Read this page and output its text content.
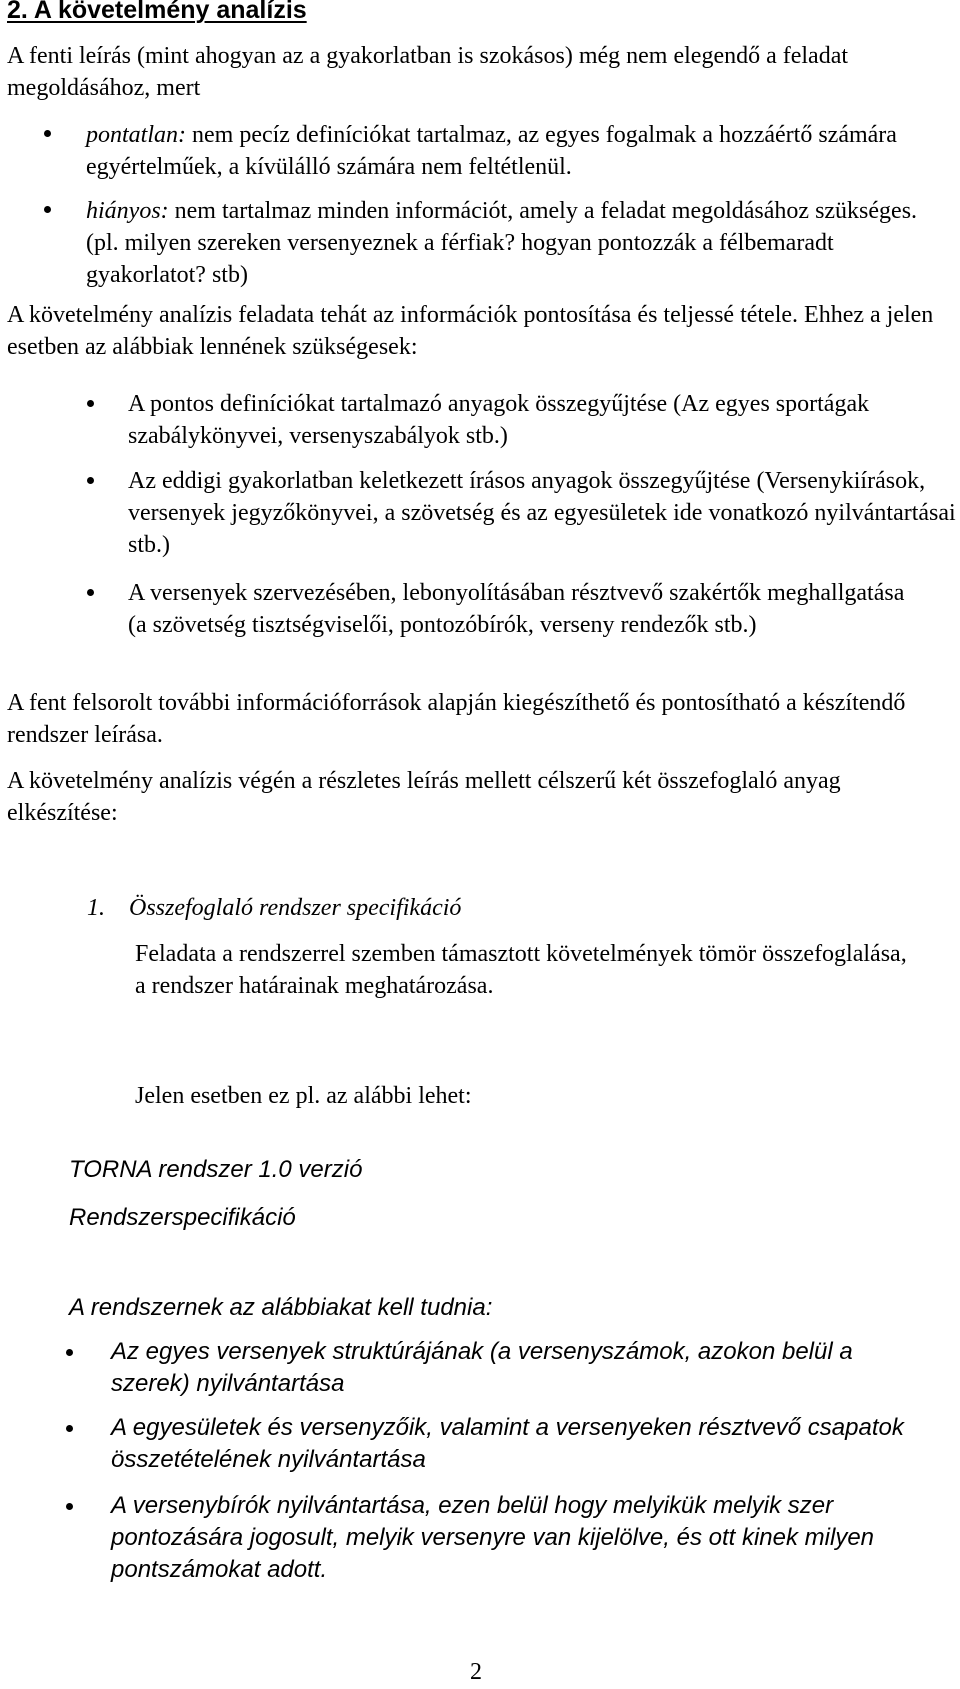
2. A követelmény analízis
A fenti leírás (mint ahogyan az a gyakorlatban is szokásos) még nem elegendő a feladat megoldásához, mert
pontatlan: nem pecíz definíciókat tartalmaz, az egyes fogalmak a hozzáértő számára egyértelműek, a kívülálló számára nem feltétlenül.
hiányos: nem tartalmaz minden információt, amely a feladat megoldásához szükséges. (pl. milyen szereken versenyeznek a férfiak? hogyan pontozzák a félbemaradt gyakorlatot? stb)
A követelmény analízis feladata tehát az információk pontosítása és teljessé tétele. Ehhez a jelen esetben az alábbiak lennének szükségesek:
A pontos definíciókat tartalmazó anyagok összegyűjtése (Az egyes sportágak szabálykönyvei, versenyszabályok stb.)
Az eddigi gyakorlatban keletkezett írásos anyagok összegyűjtése (Versenykiírások, versenyek jegyzőkönyvei, a szövetség és az egyesületek ide vonatkozó nyilvántartásai stb.)
A versenyek szervezésében, lebonyolításában résztvevő szakértők meghallgatása (a szövetség tisztségviselői, pontozóbírók, verseny rendezők stb.)
A fent felsorolt további információforrások alapján kiegészíthető és pontosítható a készítendő rendszer leírása.
A követelmény analízis végén a részletes leírás mellett célszerű két összefoglaló anyag elkészítése:
1. Összefoglaló rendszer specifikáció
Feladata a rendszerrel szemben támasztott követelmények tömör összefoglalása, a rendszer határainak meghatározása.
Jelen esetben ez pl. az alábbi lehet:
TORNA rendszer 1.0 verzió
Rendszerspecifikáció
A rendszernek az alábbiakat kell tudnia:
Az egyes versenyek struktúrájának (a versenyszámok, azokon belül a szerek) nyilvántartása
A egyesületek és versenyzőik, valamint a versenyeken résztvevő csapatok összetételének nyilvántartása
A versenybírók nyilvántartása, ezen belül hogy melyikük melyik szer pontozására jogosult, melyik versenyre van kijelölve, és ott kinek milyen pontszámokat adott.
2
